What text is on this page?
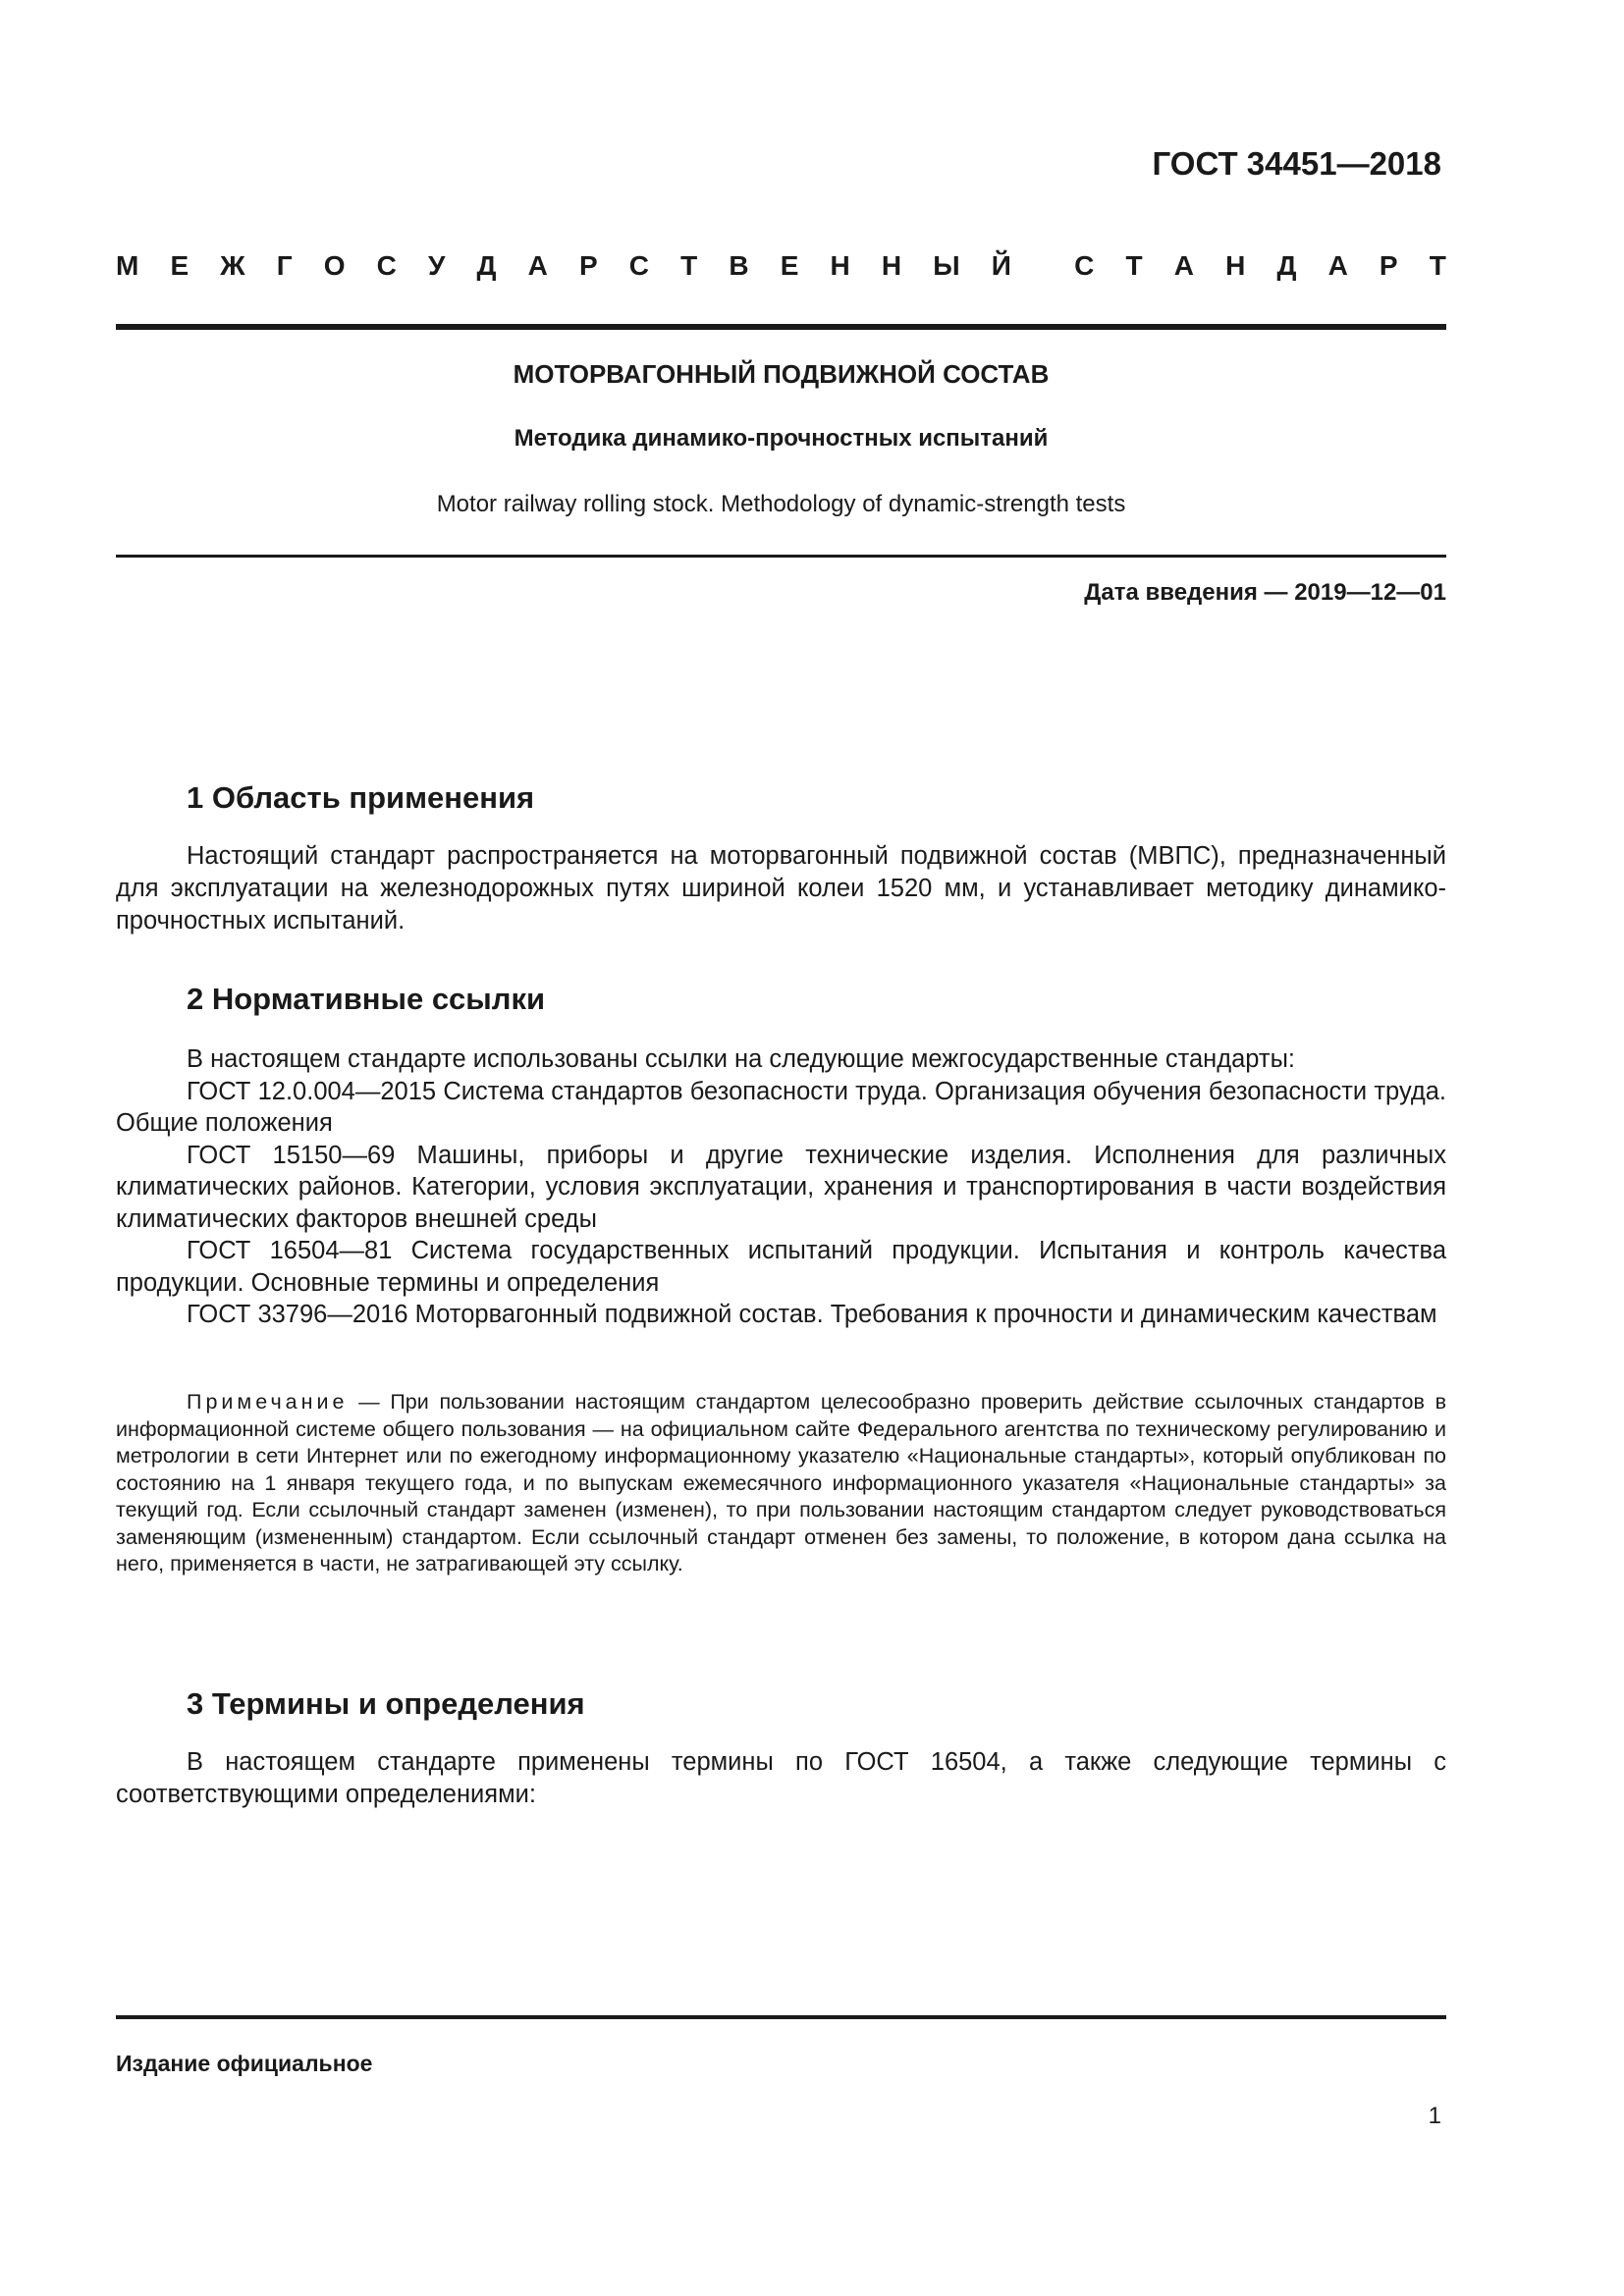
ГОСТ 34451—2018
М Е Ж Г О С У Д А Р С Т В Е Н Н Ы Й С Т А Н Д А Р Т
МОТОРВАГОННЫЙ ПОДВИЖНОЙ СОСТАВ
Методика динамико-прочностных испытаний
Motor railway rolling stock. Methodology of dynamic-strength tests
Дата введения — 2019—12—01
1 Область применения
Настоящий стандарт распространяется на моторвагонный подвижной состав (МВПС), предназначенный для эксплуатации на железнодорожных путях шириной колеи 1520 мм, и устанавливает методику динамико-прочностных испытаний.
2 Нормативные ссылки

В настоящем стандарте использованы ссылки на следующие межгосударственные стандарты:

ГОСТ 12.0.004—2015 Система стандартов безопасности труда. Организация обучения безопасности труда. Общие положения

ГОСТ 15150—69 Машины, приборы и другие технические изделия. Исполнения для различных климатических районов. Категории, условия эксплуатации, хранения и транспортирования в части воздействия климатических факторов внешней среды

ГОСТ 16504—81 Система государственных испытаний продукции. Испытания и контроль качества продукции. Основные термины и определения

ГОСТ 33796—2016 Моторвагонный подвижной состав. Требования к прочности и динамическим качествам

Примечание — При пользовании настоящим стандартом целесообразно проверить действие ссылочных стандартов в информационной системе общего пользования — на официальном сайте Федерального агентства по техническому регулированию и метрологии в сети Интернет или по ежегодному информационному указателю «Национальные стандарты», который опубликован по состоянию на 1 января текущего года, и по выпускам ежемесячного информационного указателя «Национальные стандарты» за текущий год. Если ссылочный стандарт заменен (изменен), то при пользовании настоящим стандартом следует руководствоваться заменяющим (измененным) стандартом. Если ссылочный стандарт отменен без замены, то положение, в котором дана ссылка на него, применяется в части, не затрагивающей эту ссылку.
3 Термины и определения
В настоящем стандарте применены термины по ГОСТ 16504, а также следующие термины с соответствующими определениями:
Издание официальное
1
